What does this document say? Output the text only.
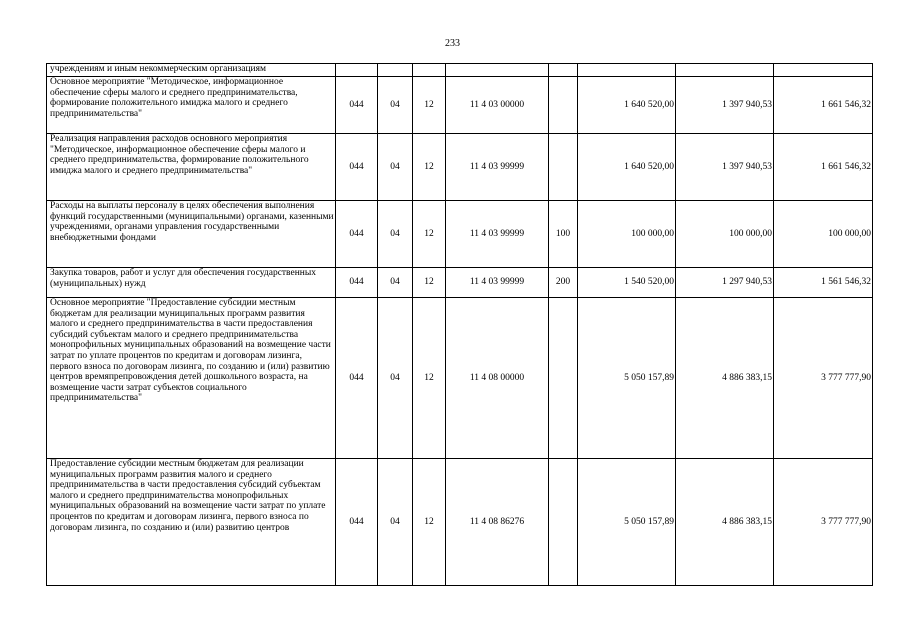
233
учреждениям и иным некоммерческим организациям								
Основное мероприятие "Методическое, информационное обеспечение сферы малого и среднего предпринимательства, формирование положительного имиджа малого и среднего предпринимательства"	044	04	12	11 4 03 00000		1 640 520,00	1 397 940,53	1 661 546,32
Реализация направления расходов основного мероприятия "Методическое, информационное обеспечение сферы малого и среднего предпринимательства, формирование положительного имиджа малого и среднего предпринимательства"	044	04	12	11 4 03 99999		1 640 520,00	1 397 940,53	1 661 546,32
Расходы на выплаты персоналу в целях обеспечения выполнения функций государственными (муниципальными) органами, казенными учреждениями, органами управления государственными внебюджетными фондами	044	04	12	11 4 03 99999	100	100 000,00	100 000,00	100 000,00
Закупка товаров, работ и услуг для обеспечения государственных (муниципальных) нужд	044	04	12	11 4 03 99999	200	1 540 520,00	1 297 940,53	1 561 546,32
Основное мероприятие "Предоставление субсидии местным бюджетам для реализации муниципальных программ развития малого и среднего предпринимательства в части предоставления субсидий субъектам малого и среднего предпринимательства монопрофильных муниципальных образований на возмещение части затрат по уплате процентов по кредитам и договорам лизинга, первого взноса по договорам лизинга, по созданию и (или) развитию центров времяпрепровождения детей дошкольного возраста, на возмещение части затрат субъектов социального предпринимательства"	044	04	12	11 4 08 00000		5 050 157,89	4 886 383,15	3 777 777,90
Предоставление субсидии местным бюджетам для реализации муниципальных программ развития малого и среднего предпринимательства в части предоставления субсидий субъектам малого и среднего предпринимательства монопрофильных муниципальных образований на возмещение части затрат по уплате процентов по кредитам и договорам лизинга, первого взноса по договорам лизинга, по созданию и (или) развитию центров	044	04	12	11 4 08 86276		5 050 157,89	4 886 383,15	3 777 777,90
